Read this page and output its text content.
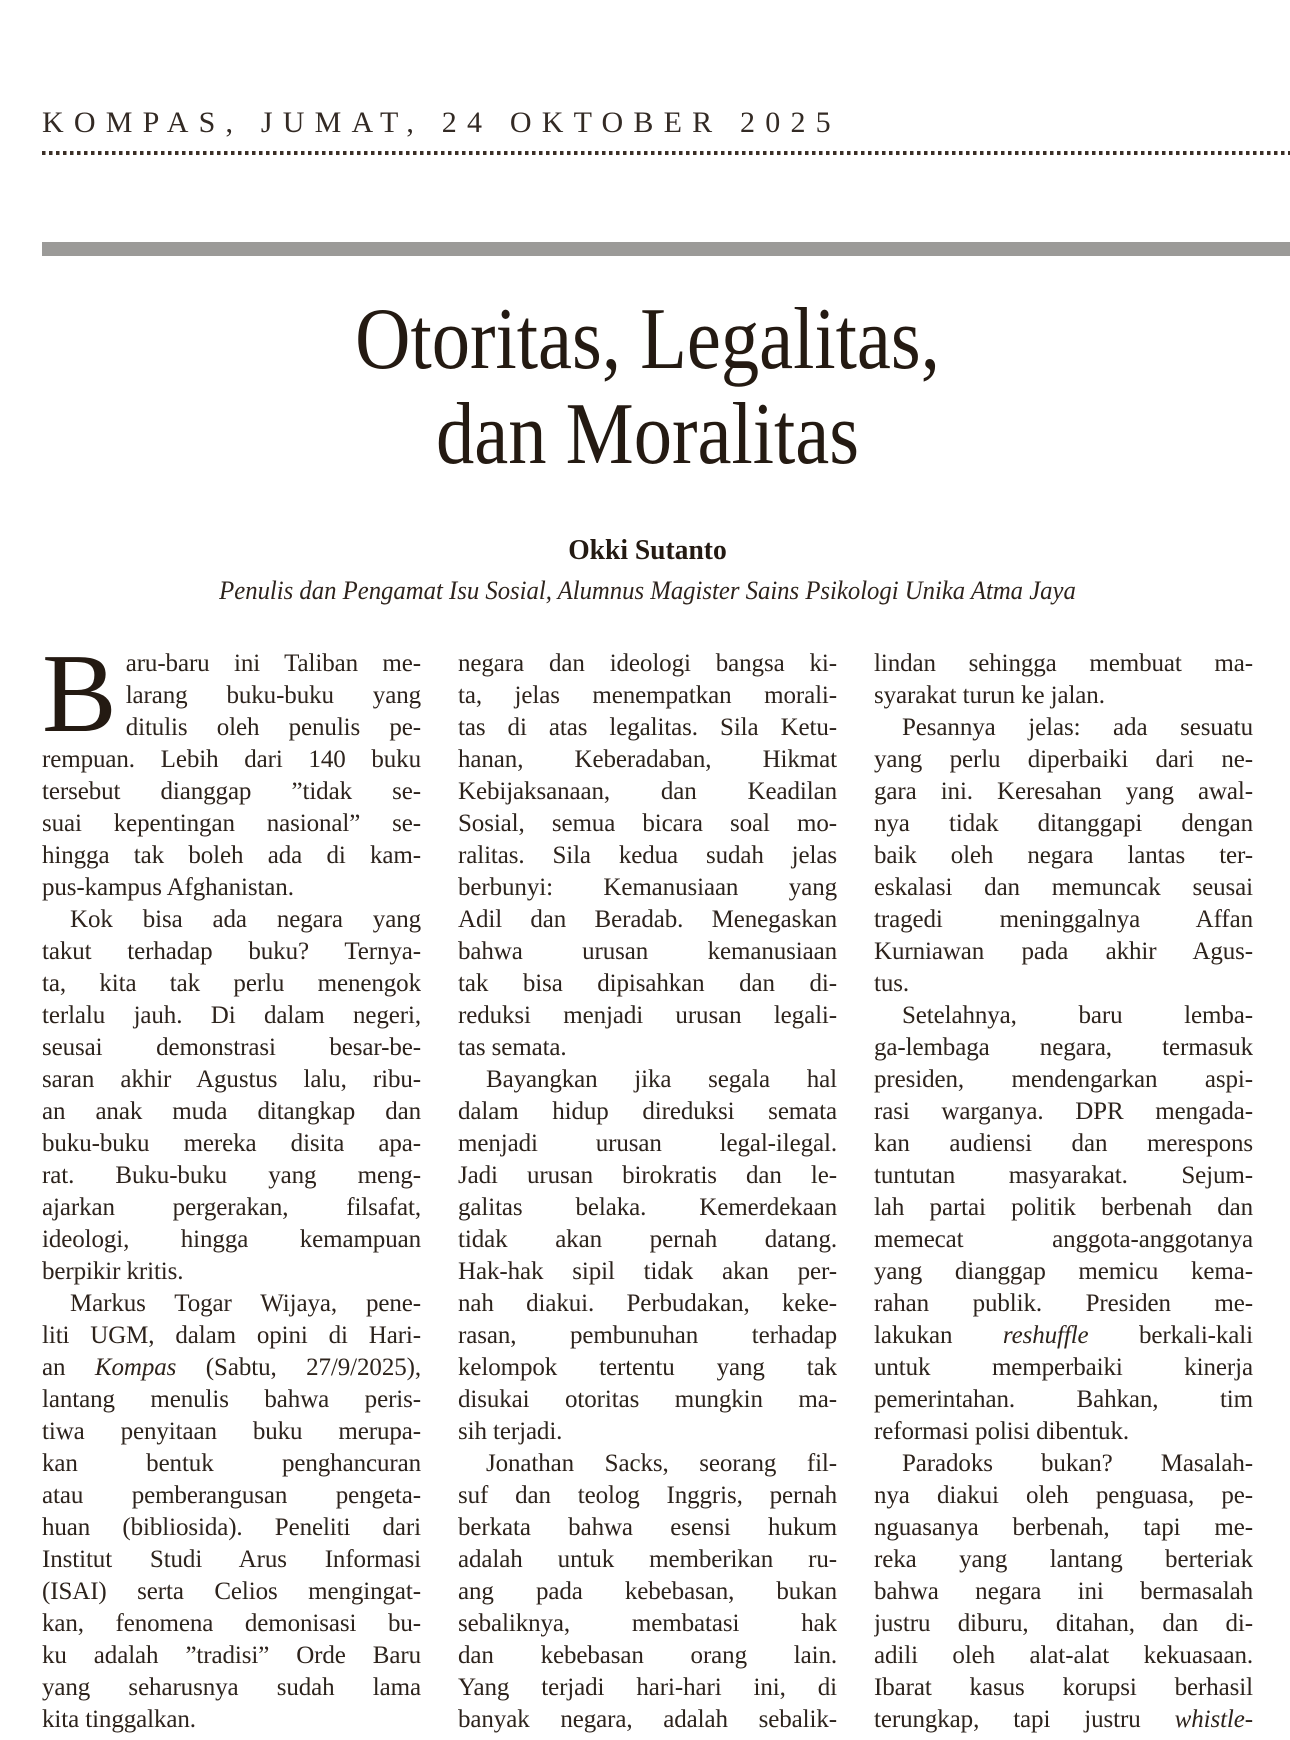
KOMPAS, JUMAT, 24 OKTOBER 2025
Otoritas, Legalitas,
dan Moralitas
Okki Sutanto
Penulis dan Pengamat Isu Sosial, Alumnus Magister Sains Psikologi Unika Atma Jaya
B aru-baru ini Taliban me-
larang buku-buku yang
ditulis oleh penulis pe-
rempuan. Lebih dari 140 buku
tersebut dianggap ”tidak se-
suai kepentingan nasional” se-
hingga tak boleh ada di kam-
pus-kampus Afghanistan.
Kok bisa ada negara yang
takut terhadap buku? Ternya-
ta, kita tak perlu menengok
terlalu jauh. Di dalam negeri,
seusai demonstrasi besar-be-
saran akhir Agustus lalu, ribu-
an anak muda ditangkap dan
buku-buku mereka disita apa-
rat. Buku-buku yang meng-
ajarkan pergerakan, filsafat,
ideologi, hingga kemampuan
berpikir kritis.
Markus Togar Wijaya, pene-
liti UGM, dalam opini di Hari-
an Kompas (Sabtu, 27/9/2025),
lantang menulis bahwa peris-
tiwa penyitaan buku merupa-
kan bentuk penghancuran
atau pemberangusan pengeta-
huan (bibliosida). Peneliti dari
Institut Studi Arus Informasi
(ISAI) serta Celios mengingat-
kan, fenomena demonisasi bu-
ku adalah ”tradisi” Orde Baru
yang seharusnya sudah lama
kita tinggalkan.
negara dan ideologi bangsa ki-
ta, jelas menempatkan morali-
tas di atas legalitas. Sila Ketu-
hanan, Keberadaban, Hikmat
Kebijaksanaan, dan Keadilan
Sosial, semua bicara soal mo-
ralitas. Sila kedua sudah jelas
berbunyi: Kemanusiaan yang
Adil dan Beradab. Menegaskan
bahwa urusan kemanusiaan
tak bisa dipisahkan dan di-
reduksi menjadi urusan legali-
tas semata.
Bayangkan jika segala hal
dalam hidup direduksi semata
menjadi urusan legal-ilegal.
Jadi urusan birokratis dan le-
galitas belaka. Kemerdekaan
tidak akan pernah datang.
Hak-hak sipil tidak akan per-
nah diakui. Perbudakan, keke-
rasan, pembunuhan terhadap
kelompok tertentu yang tak
disukai otoritas mungkin ma-
sih terjadi.
Jonathan Sacks, seorang fil-
suf dan teolog Inggris, pernah
berkata bahwa esensi hukum
adalah untuk memberikan ru-
ang pada kebebasan, bukan
sebaliknya, membatasi hak
dan kebebasan orang lain.
Yang terjadi hari-hari ini, di
banyak negara, adalah sebalik-
lindan sehingga membuat ma-
syarakat turun ke jalan.
Pesannya jelas: ada sesuatu
yang perlu diperbaiki dari ne-
gara ini. Keresahan yang awal-
nya tidak ditanggapi dengan
baik oleh negara lantas ter-
eskalasi dan memuncak seusai
tragedi meninggalnya Affan
Kurniawan pada akhir Agus-
tus.
Setelahnya, baru lemba-
ga-lembaga negara, termasuk
presiden, mendengarkan aspi-
rasi warganya. DPR mengada-
kan audiensi dan merespons
tuntutan masyarakat. Sejum-
lah partai politik berbenah dan
memecat anggota-anggotanya
yang dianggap memicu kema-
rahan publik. Presiden me-
lakukan reshuffle berkali-kali
untuk memperbaiki kinerja
pemerintahan. Bahkan, tim
reformasi polisi dibentuk.
Paradoks bukan? Masalah-
nya diakui oleh penguasa, pe-
nguasanya berbenah, tapi me-
reka yang lantang berteriak
bahwa negara ini bermasalah
justru diburu, ditahan, dan di-
adili oleh alat-alat kekuasaan.
Ibarat kasus korupsi berhasil
terungkap, tapi justru whistle-
